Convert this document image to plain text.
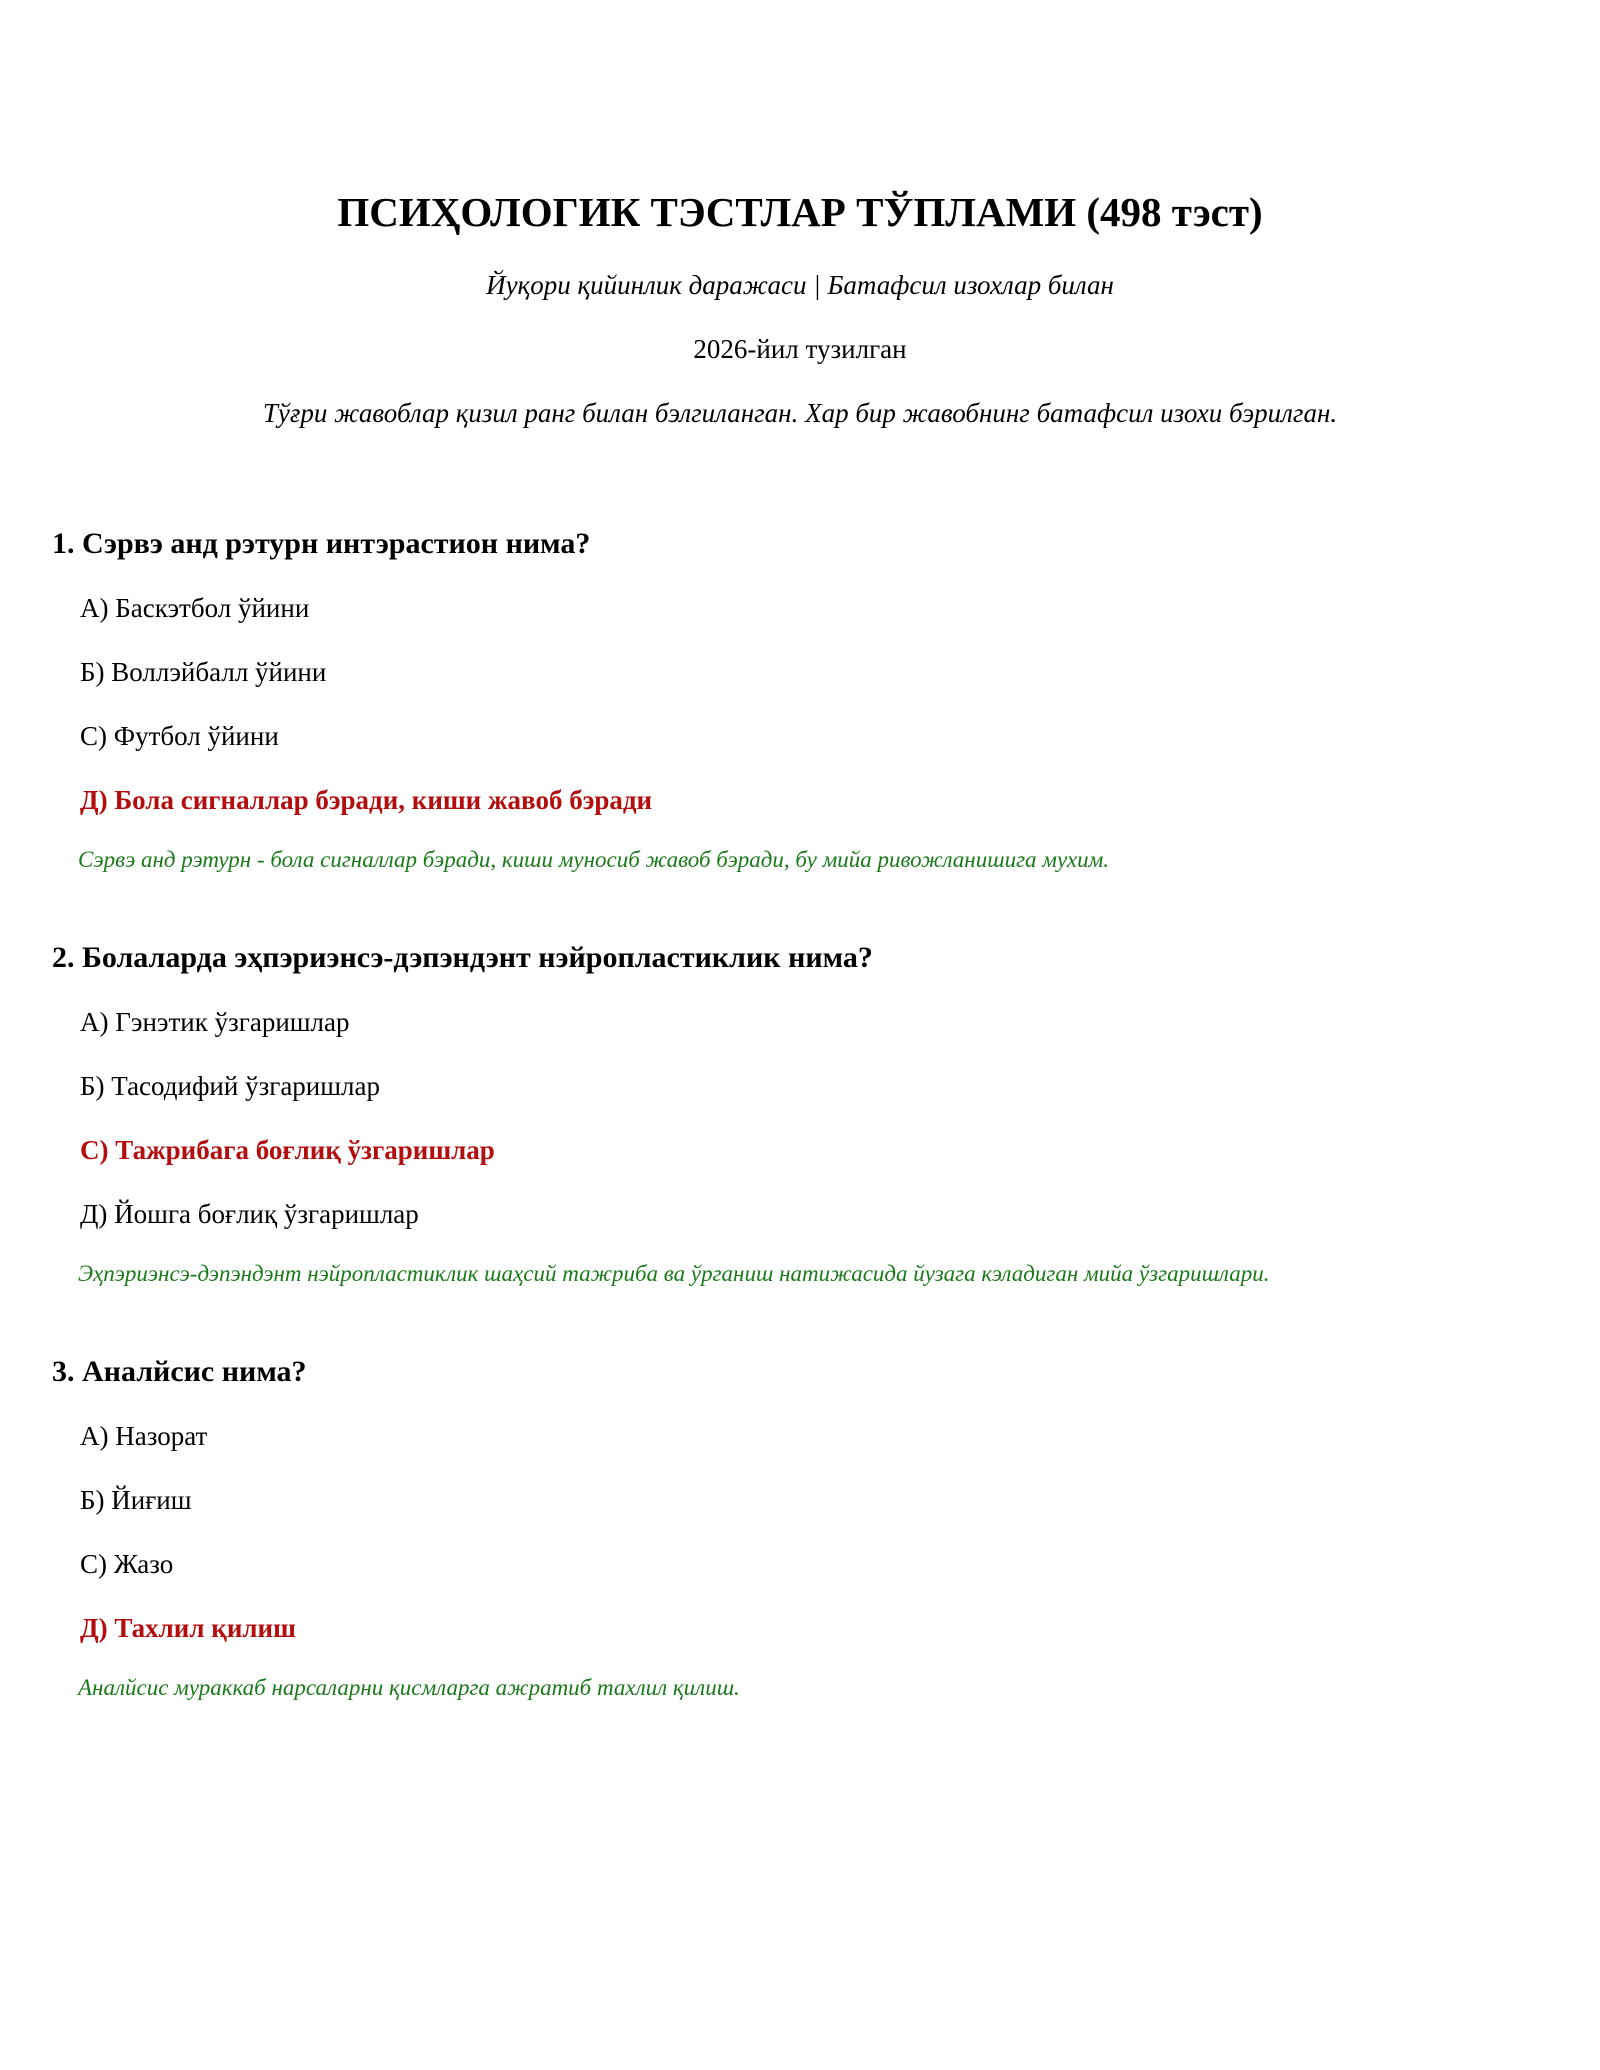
ПСИҲОЛОГИК ТЭСТЛАР ТЎПЛАМИ (498 тэст)
Йуқори қийинлик даражаси | Батафсил изохлар билан
2026-йил тузилган
Тўғри жавоблар қизил ранг билан бэлгиланган. Хар бир жавобнинг батафсил изохи бэрилган.
1. Сэрвэ анд рэтурн интэрастион нима?
А) Баскэтбол ўйини
Б) Воллэйбалл ўйини
С) Футбол ўйини
Д) Бола сигналлар бэради, киши жавоб бэради
Сэрвэ анд рэтурн - бола сигналлар бэради, киши муносиб жавоб бэради, бу мийа ривожланишига мухим.
2. Болаларда эҳпэриэнсэ-дэпэндэнт нэйропластиклик нима?
А) Гэнэтик ўзгаришлар
Б) Тасодифий ўзгаришлар
С) Тажрибага боғлиқ ўзгаришлар
Д) Йошга боғлиқ ўзгаришлар
Эҳпэриэнсэ-дэпэндэнт нэйропластиклик шаҳсий тажриба ва ўрганиш натижасида йузага кэладиган мийа ўзгаришлари.
3. Аналйсис нима?
А) Назорат
Б) Йиғиш
С) Жазо
Д) Тахлил қилиш
Аналйсис мураккаб нарсаларни қисмларга ажратиб тахлил қилиш.
